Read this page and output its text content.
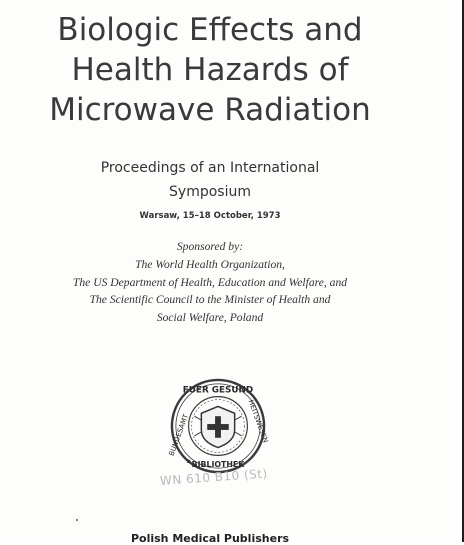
Biologic Effects and
Health Hazards of
Microwave Radiation

Proceedings of an International

Symposium

Warsaw, 15–18 October, 1973
Sponsored by:
The World Health Organization,
The US Department of Health, Education and Welfare, and
The Scientific Council to the Minister of Health and
Social Welfare, Poland
FUER GESUND
BUNDESAMT	HEITSWESEN
BIBLIOTHEK
WN 610 B10 (St)
Polish Medical Publishers
